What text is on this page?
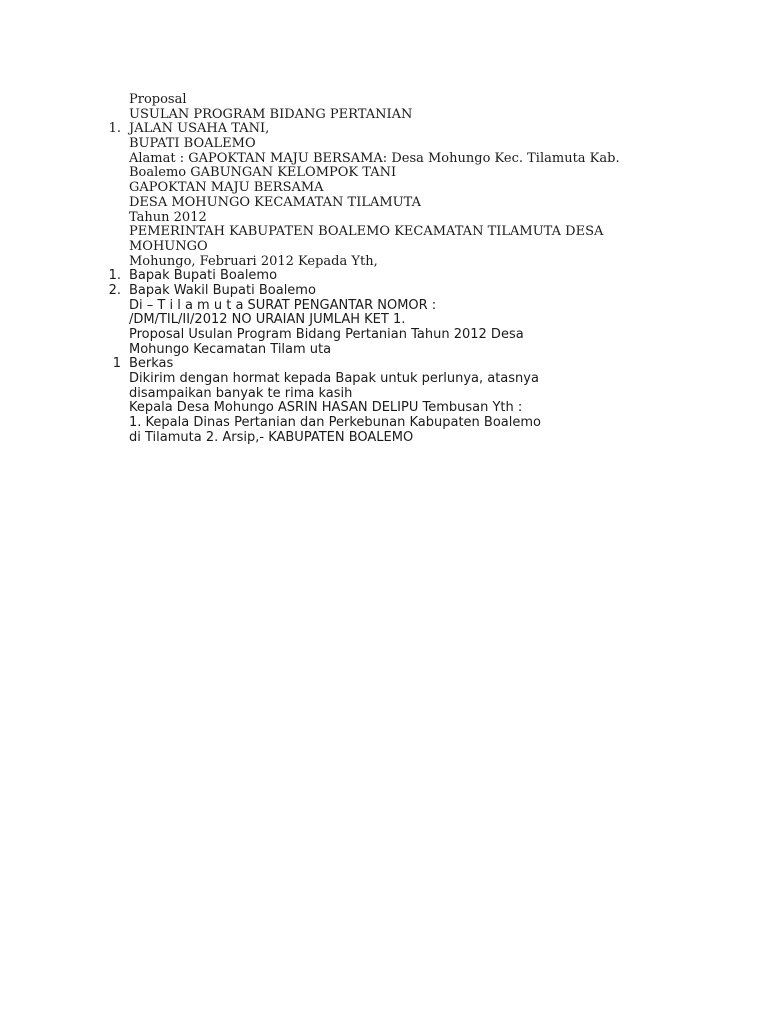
Proposal
USULAN PROGRAM BIDANG PERTANIAN
1. JALAN USAHA TANI,
BUPATI BOALEMO
Alamat : GAPOKTAN MAJU BERSAMA: Desa Mohungo Kec. Tilamuta Kab.
Boalemo GABUNGAN KELOMPOK TANI
GAPOKTAN MAJU BERSAMA
DESA MOHUNGO KECAMATAN TILAMUTA
Tahun 2012
PEMERINTAH KABUPATEN BOALEMO KECAMATAN TILAMUTA DESA
MOHUNGO
Mohungo, Februari 2012 Kepada Yth,
1. Bapak Bupati Boalemo
2. Bapak Wakil Bupati Boalemo
Di – T i l a m u t a SURAT PENGANTAR NOMOR :
/DM/TIL/II/2012 NO URAIAN JUMLAH KET 1.
Proposal Usulan Program Bidang Pertanian Tahun 2012 Desa
Mohungo Kecamatan Tilam uta
1 Berkas
Dikirim dengan hormat kepada Bapak untuk perlunya, atasnya
disampaikan banyak te rima kasih
Kepala Desa Mohungo ASRIN HASAN DELIPU Tembusan Yth :
1. Kepala Dinas Pertanian dan Perkebunan Kabupaten Boalemo
di Tilamuta 2. Arsip,- KABUPATEN BOALEMO
